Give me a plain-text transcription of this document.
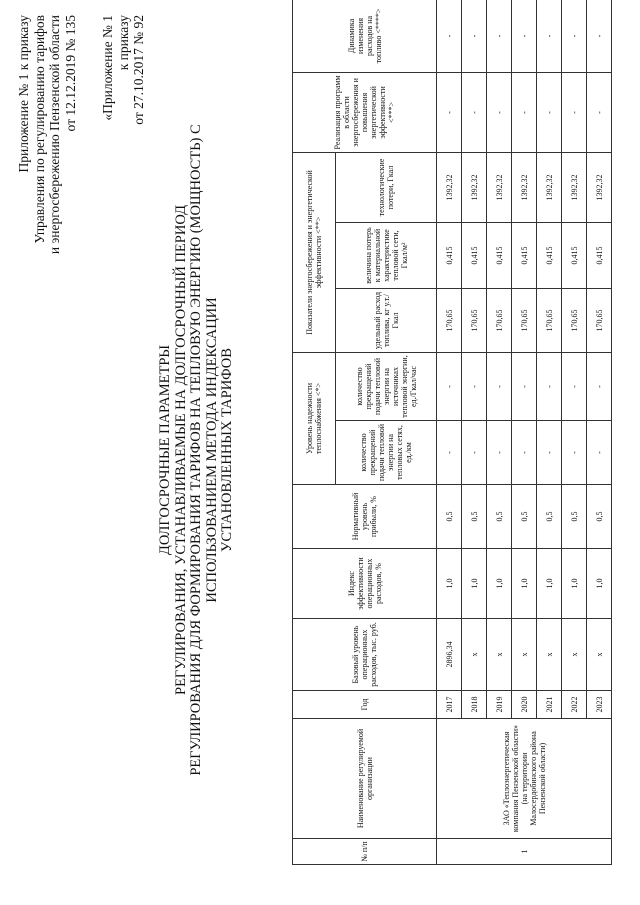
Приложение № 1 к приказу Управления по регулированию тарифов и энергосбережению Пензенской области от 12.12.2019 № 135 «Приложение № 1 к приказу от 27.10.2017 № 92
ДОЛГОСРОЧНЫЕ ПАРАМЕТРЫ РЕГУЛИРОВАНИЯ, УСТАНАВЛИВАЕМЫЕ НА ДОЛГОСРОЧНЫЙ ПЕРИОД РЕГУЛИРОВАНИЯ ДЛЯ ФОРМИРОВАНИЯ ТАРИФОВ НА ТЕПЛОВУЮ ЭНЕРГИЮ (МОЩНОСТЬ) С ИСПОЛЬЗОВАНИЕМ МЕТОДА ИНДЕКСАЦИИ УСТАНОВЛЕННЫХ ТАРИФОВ
№ п/п	Наименование регулируемой организации	Год	Базовый уровень операционных расходов, тыс. руб.	Индекс эффективности операционных расходов, %	Нормативный уровень прибыли, %	Уровень надежности теплоснабжения <*>		Показатели энергосбережения и энергетической эффективности <**>			Реализация программ в области энергосбережения и повышения энергетической эффективности <***>	Динамика изменения расходов на топливо <****>
						количество прекращений подачи тепловой энергии на тепловых сетях, ед./км	количество прекращений подачи тепловой энергии на источниках тепловой энергии, ед./Гкал/час	удельный расход топлива, кг у.т./Гкал	величина потерь к материальной характеристике тепловой сети, Гкал/м²	технологические потери, Гкал		
1	ЗАО «Теплоэнергетическая компания Пензенской области» (на территории Малосердобинского района Пензенской области)	2017	2896,34	1,0	0,5	-	-	170,65	0,415	1392,32	-	-
		2018	x	1,0	0,5	-	-	170,65	0,415	1392,32	-	-
		2019	x	1,0	0,5	-	-	170,65	0,415	1392,32	-	-
		2020	x	1,0	0,5	-	-	170,65	0,415	1392,32	-	-
		2021	x	1,0	0,5	-	-	170,65	0,415	1392,32	-	-
		2022	x	1,0	0,5	-	-	170,65	0,415	1392,32	-	-
		2023	x	1,0	0,5	-	-	170,65	0,415	1392,32	-	-
